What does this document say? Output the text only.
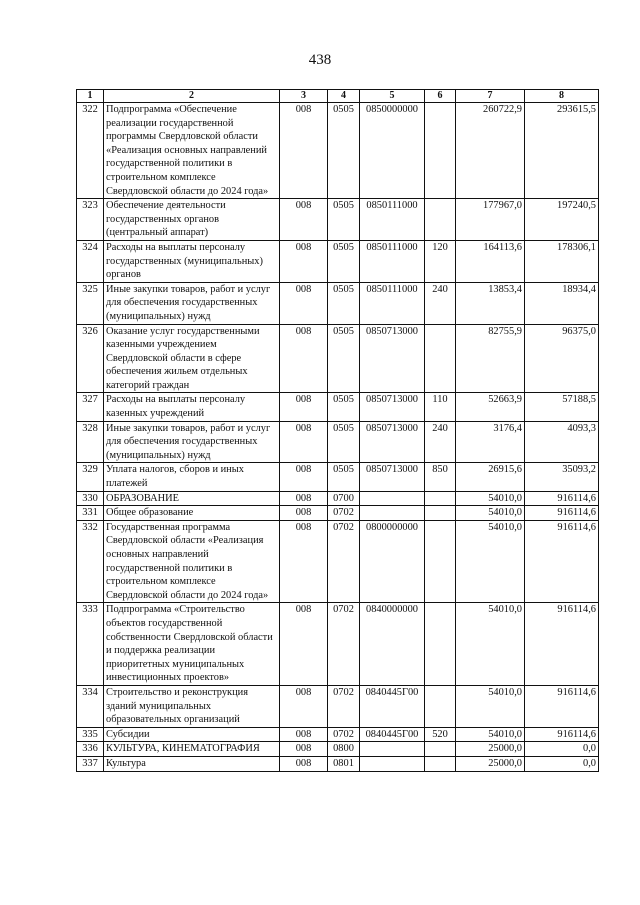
438
1	2	3	4	5	6	7	8
322	Подпрограмма «Обеспечение реализации государственной программы Свердловской области «Реализация основных направлений государственной политики в строительном комплексе Свердловской области до 2024 года»	008	0505	0850000000		260722,9	293615,5
323	Обеспечение деятельности государственных органов (центральный аппарат)	008	0505	0850111000		177967,0	197240,5
324	Расходы на выплаты персоналу государственных (муниципальных) органов	008	0505	0850111000	120	164113,6	178306,1
325	Иные закупки товаров, работ и услуг для обеспечения государственных (муниципальных) нужд	008	0505	0850111000	240	13853,4	18934,4
326	Оказание услуг государственными казенными учреждением Свердловской области в сфере обеспечения жильем отдельных категорий граждан	008	0505	0850713000		82755,9	96375,0
327	Расходы на выплаты персоналу казенных учреждений	008	0505	0850713000	110	52663,9	57188,5
328	Иные закупки товаров, работ и услуг для обеспечения государственных (муниципальных) нужд	008	0505	0850713000	240	3176,4	4093,3
329	Уплата налогов, сборов и иных платежей	008	0505	0850713000	850	26915,6	35093,2
330	ОБРАЗОВАНИЕ	008	0700			54010,0	916114,6
331	Общее образование	008	0702			54010,0	916114,6
332	Государственная программа Свердловской области «Реализация основных направлений государственной политики в строительном комплексе Свердловской области до 2024 года»	008	0702	0800000000		54010,0	916114,6
333	Подпрограмма «Строительство объектов государственной собственности Свердловской области и поддержка реализации приоритетных муниципальных инвестиционных проектов»	008	0702	0840000000		54010,0	916114,6
334	Строительство и реконструкция зданий муниципальных образовательных организаций	008	0702	0840445Г00		54010,0	916114,6
335	Субсидии	008	0702	0840445Г00	520	54010,0	916114,6
336	КУЛЬТУРА, КИНЕМАТОГРАФИЯ	008	0800			25000,0	0,0
337	Культура	008	0801			25000,0	0,0
